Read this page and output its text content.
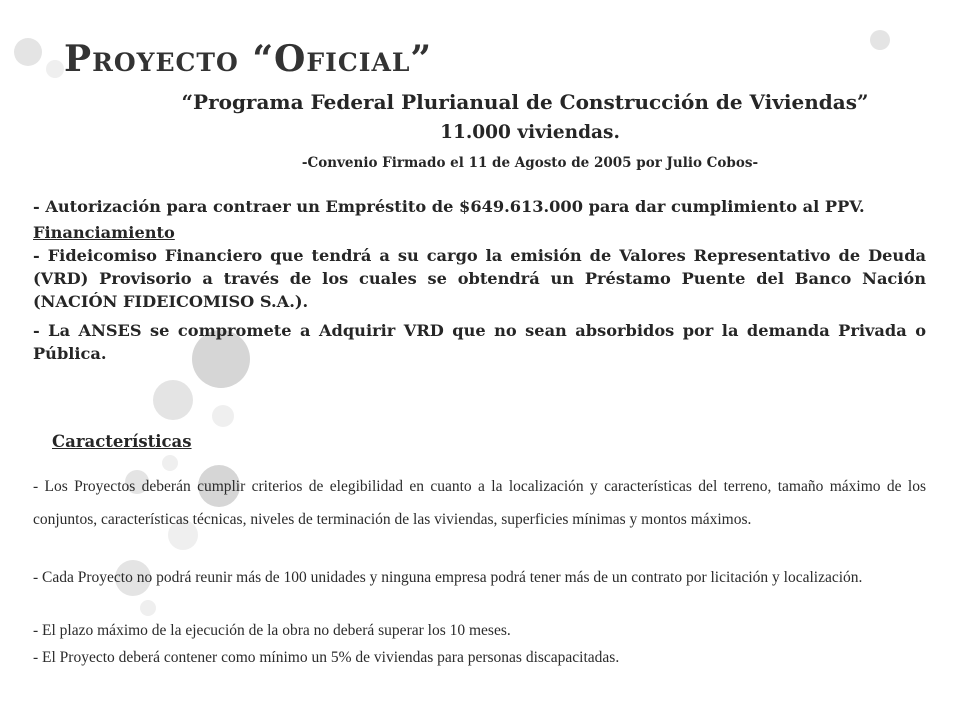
Proyecto “Oficial”
“Programa Federal Plurianual de Construcción de Viviendas”
11.000 viviendas.
-Convenio Firmado el 11 de Agosto de 2005 por Julio Cobos-

- Autorización para contraer un Empréstito de $649.613.000 para dar cumplimiento al PPV.

Financiamiento

- Fideicomiso Financiero que tendrá a su cargo la emisión de Valores Representativo de Deuda (VRD) Provisorio a través de los cuales se obtendrá un Préstamo Puente del Banco Nación (NACIÓN FIDEICOMISO S.A.).

- La ANSES se compromete a Adquirir VRD que no sean absorbidos por la demanda Privada o Pública.

Características
- Los Proyectos deberán cumplir criterios de elegibilidad en cuanto a la localización y características del terreno, tamaño máximo de los conjuntos, características técnicas, niveles de terminación de las viviendas, superficies mínimas y montos máximos.
- Cada Proyecto no podrá reunir más de 100 unidades y ninguna empresa podrá tener más de un contrato por licitación y localización.
- El plazo máximo de la ejecución de la obra no deberá superar los 10 meses.
- El Proyecto deberá contener como mínimo un 5% de viviendas para personas discapacitadas.
